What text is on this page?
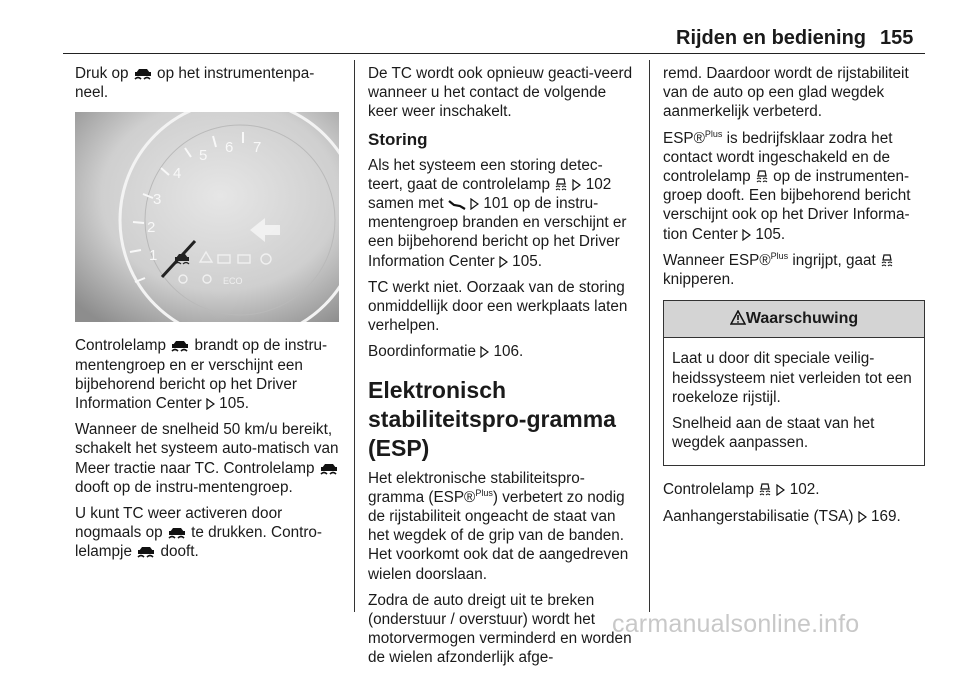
Rijden en bediening 155

Druk op  op het instrumentenpa-neel.

1
2
3
4
5 6 7
ECO

Controlelamp  brandt op de instru-mentengroep en er verschijnt een bijbehorend bericht op het Driver Information Center  105.

Wanneer de snelheid 50 km/u bereikt, schakelt het systeem auto-matisch van Meer tractie naar TC. Controlelamp  dooft op de instru-mentengroep.

U kunt TC weer activeren door nogmaals op  te drukken. Contro-lelampje  dooft.

De TC wordt ook opnieuw geacti-veerd wanneer u het contact de volgende keer weer inschakelt.

Storing

Als het systeem een storing detec-teert, gaat de controlelamp   102 samen met   101 op de instru-mentengroep branden en verschijnt er een bijbehorend bericht op het Driver Information Center  105.

TC werkt niet. Oorzaak van de storing onmiddellijk door een werkplaats laten verhelpen.

Boordinformatie  106.

Elektronisch stabiliteitspro-gramma (ESP)

Het elektronische stabiliteitspro-gramma (ESP®$^{Plus}$) verbetert zo nodig de rijstabiliteit ongeacht de staat van het wegdek of de grip van de banden. Het voorkomt ook dat de aangedreven wielen doorslaan.

Zodra de auto dreigt uit te breken (onderstuur / overstuur) wordt het motorvermogen verminderd en worden de wielen afzonderlijk afge-

remd. Daardoor wordt de rijstabiliteit van de auto op een glad wegdek aanmerkelijk verbeterd.

ESP®$^{Plus}$ is bedrijfsklaar zodra het contact wordt ingeschakeld en de controlelamp  op de instrumenten-groep dooft. Een bijbehorend bericht verschijnt ook op het Driver Informa-tion Center  105.

Wanneer ESP®$^{Plus}$ ingrijpt, gaat  knipperen.

Waarschuwing

Laat u door dit speciale veilig-heidssysteem niet verleiden tot een roekeloze rijstijl.

Snelheid aan de staat van het wegdek aanpassen.

Controlelamp   102.

Aanhangerstabilisatie (TSA)  169.

carmanualsonline.info
